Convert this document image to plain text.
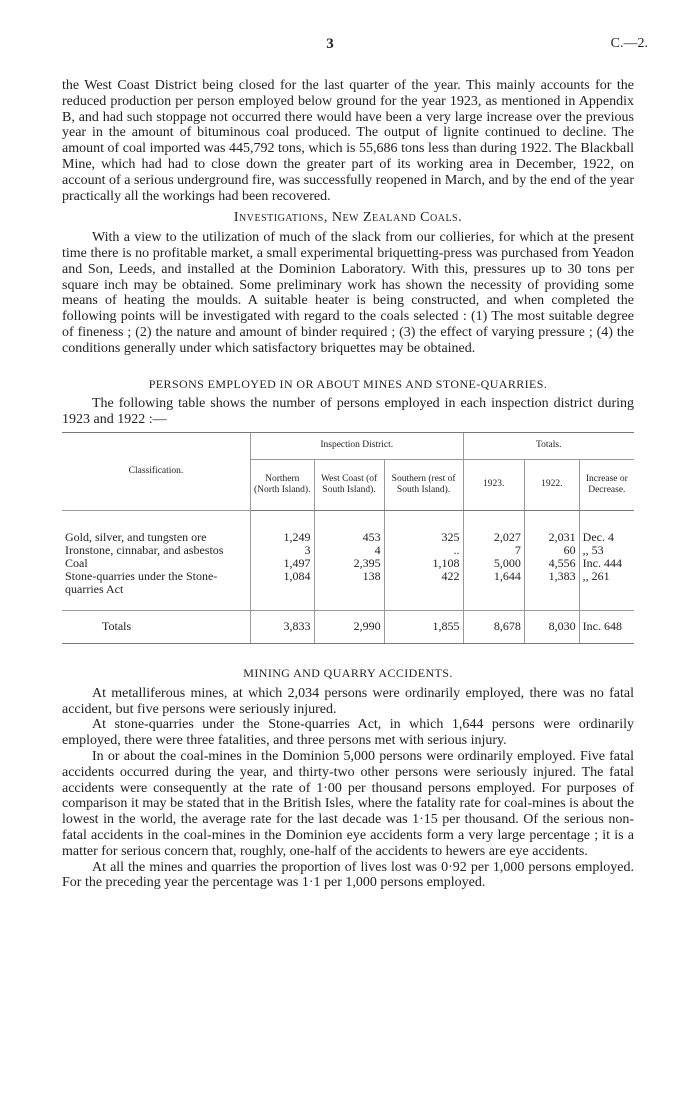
3	C.—2.

the West Coast District being closed for the last quarter of the year. This mainly accounts for the reduced production per person employed below ground for the year 1923, as mentioned in Appendix B, and had such stoppage not occurred there would have been a very large increase over the previous year in the amount of bituminous coal produced. The output of lignite continued to decline. The amount of coal imported was 445,792 tons, which is 55,686 tons less than during 1922. The Blackball Mine, which had had to close down the greater part of its working area in December, 1922, on account of a serious underground fire, was successfully reopened in March, and by the end of the year practically all the workings had been recovered.

Investigations, New Zealand Coals.

With a view to the utilization of much of the slack from our collieries, for which at the present time there is no profitable market, a small experimental briquetting-press was purchased from Yeadon and Son, Leeds, and installed at the Dominion Laboratory. With this, pressures up to 30 tons per square inch may be obtained. Some preliminary work has shown the necessity of providing some means of heating the moulds. A suitable heater is being constructed, and when completed the following points will be investigated with regard to the coals selected : (1) The most suitable degree of fineness ; (2) the nature and amount of binder required ; (3) the effect of varying pressure ; (4) the conditions generally under which satisfactory briquettes may be obtained.

PERSONS EMPLOYED IN OR ABOUT MINES AND STONE-QUARRIES.

The following table shows the number of persons employed in each inspection district during 1923 and 1922 :—

Classification.	Inspection District.			Totals.		
	Northern (North Island).	West Coast (of South Island).	Southern (rest of South Island).	1923.	1922.	Increase or Decrease.
Gold, silver, and tungsten ore	1,249	453	325	2,027	2,031	Dec. 4
Ironstone, cinnabar, and asbestos	3	4	..	7	60	,, 53
Coal	1,497	2,395	1,108	5,000	4,556	Inc. 444
Stone-quarries under the Stone-quarries Act	1,084	138	422	1,644	1,383	,, 261
Totals	3,833	2,990	1,855	8,678	8,030	Inc. 648
MINING AND QUARRY ACCIDENTS.

At metalliferous mines, at which 2,034 persons were ordinarily employed, there was no fatal accident, but five persons were seriously injured.

At stone-quarries under the Stone-quarries Act, in which 1,644 persons were ordinarily employed, there were three fatalities, and three persons met with serious injury.

In or about the coal-mines in the Dominion 5,000 persons were ordinarily employed. Five fatal accidents occurred during the year, and thirty-two other persons were seriously injured. The fatal accidents were consequently at the rate of 1·00 per thousand persons employed. For purposes of comparison it may be stated that in the British Isles, where the fatality rate for coal-mines is about the lowest in the world, the average rate for the last decade was 1·15 per thousand. Of the serious non-fatal accidents in the coal-mines in the Dominion eye accidents form a very large percentage ; it is a matter for serious concern that, roughly, one-half of the accidents to hewers are eye accidents.

At all the mines and quarries the proportion of lives lost was 0·92 per 1,000 persons employed. For the preceding year the percentage was 1·1 per 1,000 persons employed.
